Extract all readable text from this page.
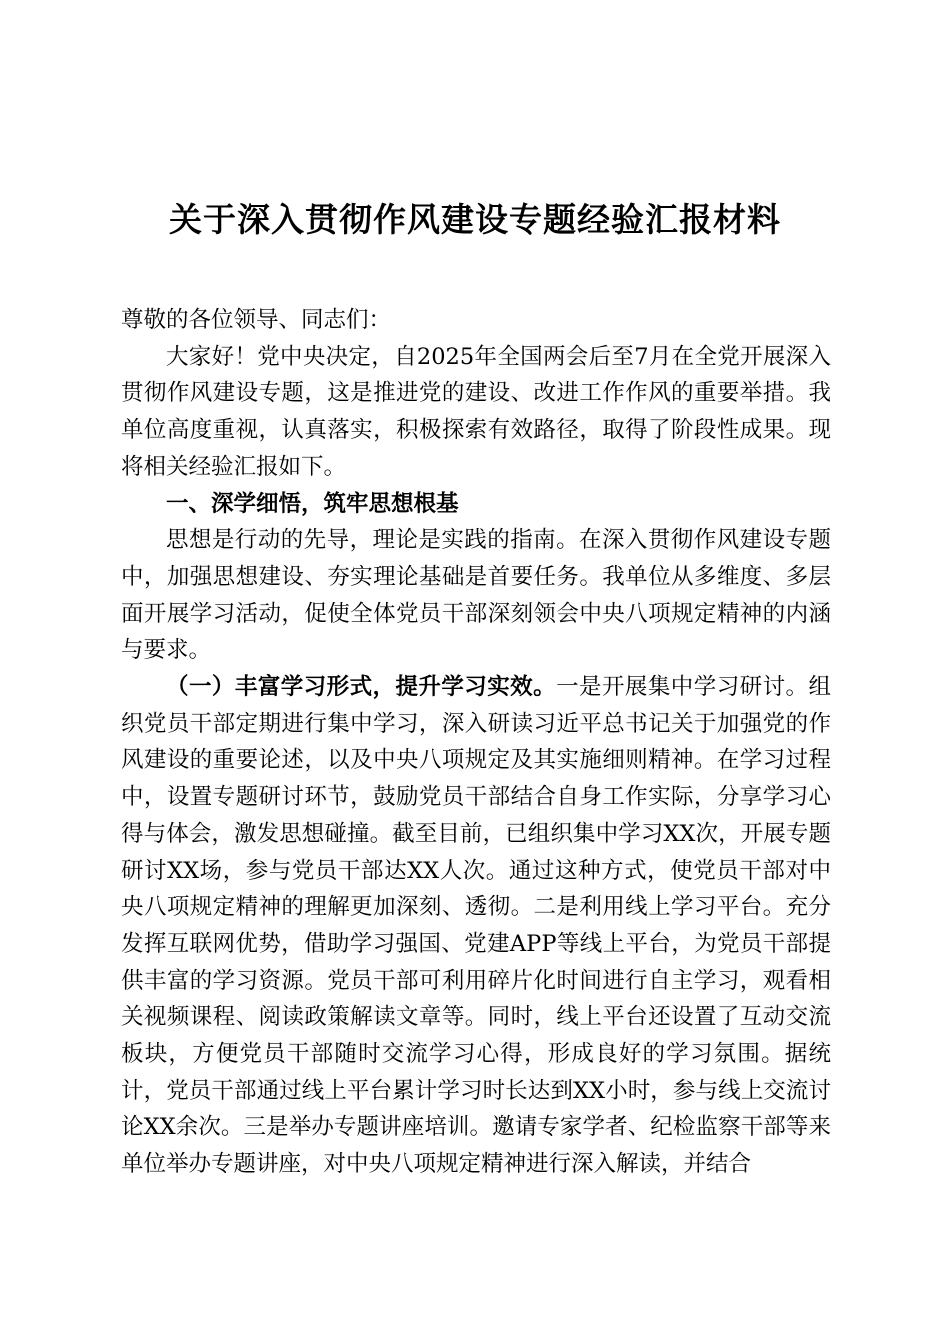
关于深入贯彻作风建设专题经验汇报材料

尊敬的各位领导、同志们：

大家好！党中央决定，自2025年全国两会后至7月在全党开展深入贯彻作风建设专题，这是推进党的建设、改进工作作风的重要举措。我单位高度重视，认真落实，积极探索有效路径，取得了阶段性成果。现将相关经验汇报如下。

一、深学细悟，筑牢思想根基

思想是行动的先导，理论是实践的指南。在深入贯彻作风建设专题中，加强思想建设、夯实理论基础是首要任务。我单位从多维度、多层面开展学习活动，促使全体党员干部深刻领会中央八项规定精神的内涵与要求。

（一）丰富学习形式，提升学习实效。一是开展集中学习研讨。组织党员干部定期进行集中学习，深入研读习近平总书记关于加强党的作风建设的重要论述，以及中央八项规定及其实施细则精神。在学习过程中，设置专题研讨环节，鼓励党员干部结合自身工作实际，分享学习心得与体会，激发思想碰撞。截至目前，已组织集中学习XX次，开展专题研讨XX场，参与党员干部达XX人次。通过这种方式，使党员干部对中央八项规定精神的理解更加深刻、透彻。二是利用线上学习平台。充分发挥互联网优势，借助学习强国、党建APP等线上平台，为党员干部提供丰富的学习资源。党员干部可利用碎片化时间进行自主学习，观看相关视频课程、阅读政策解读文章等。同时，线上平台还设置了互动交流板块，方便党员干部随时交流学习心得，形成良好的学习氛围。据统计，党员干部通过线上平台累计学习时长达到XX小时，参与线上交流讨论XX余次。三是举办专题讲座培训。邀请专家学者、纪检监察干部等来单位举办专题讲座，对中央八项规定精神进行深入解读，并结合
